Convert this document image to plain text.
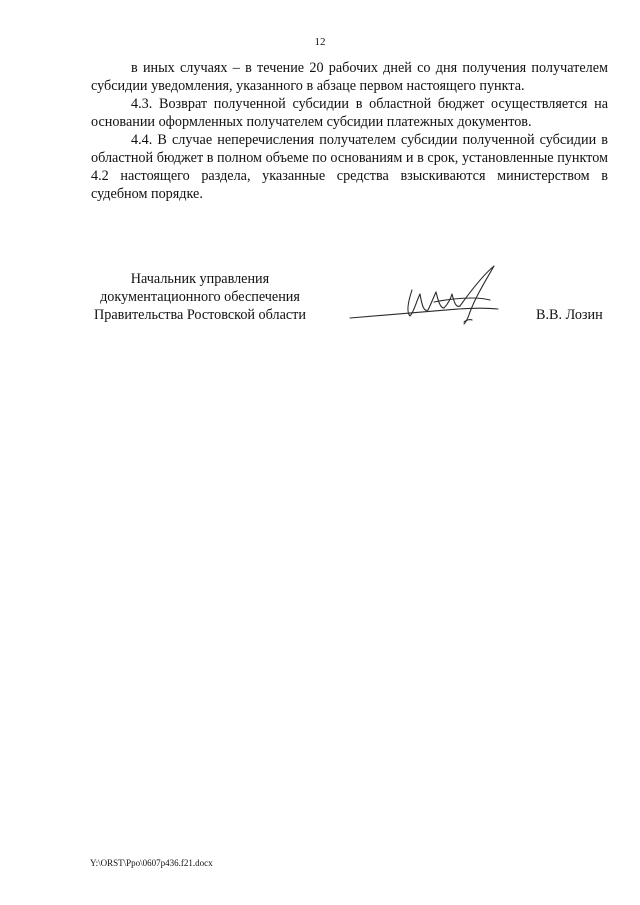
12

в иных случаях – в течение 20 рабочих дней со дня получения получателем субсидии уведомления, указанного в абзаце первом настоящего пункта.

4.3. Возврат полученной субсидии в областной бюджет осуществляется на основании оформленных получателем субсидии платежных документов.

4.4. В случае неперечисления получателем субсидии полученной субсидии в областной бюджет в полном объеме по основаниям и в срок, установленные пунктом 4.2 настоящего раздела, указанные средства взыскиваются министерством в судебном порядке.

Начальник управления
документационного обеспечения
Правительства Ростовской области	В.В. Лозин
Y:\ORST\Ppo\0607p436.f21.docx
